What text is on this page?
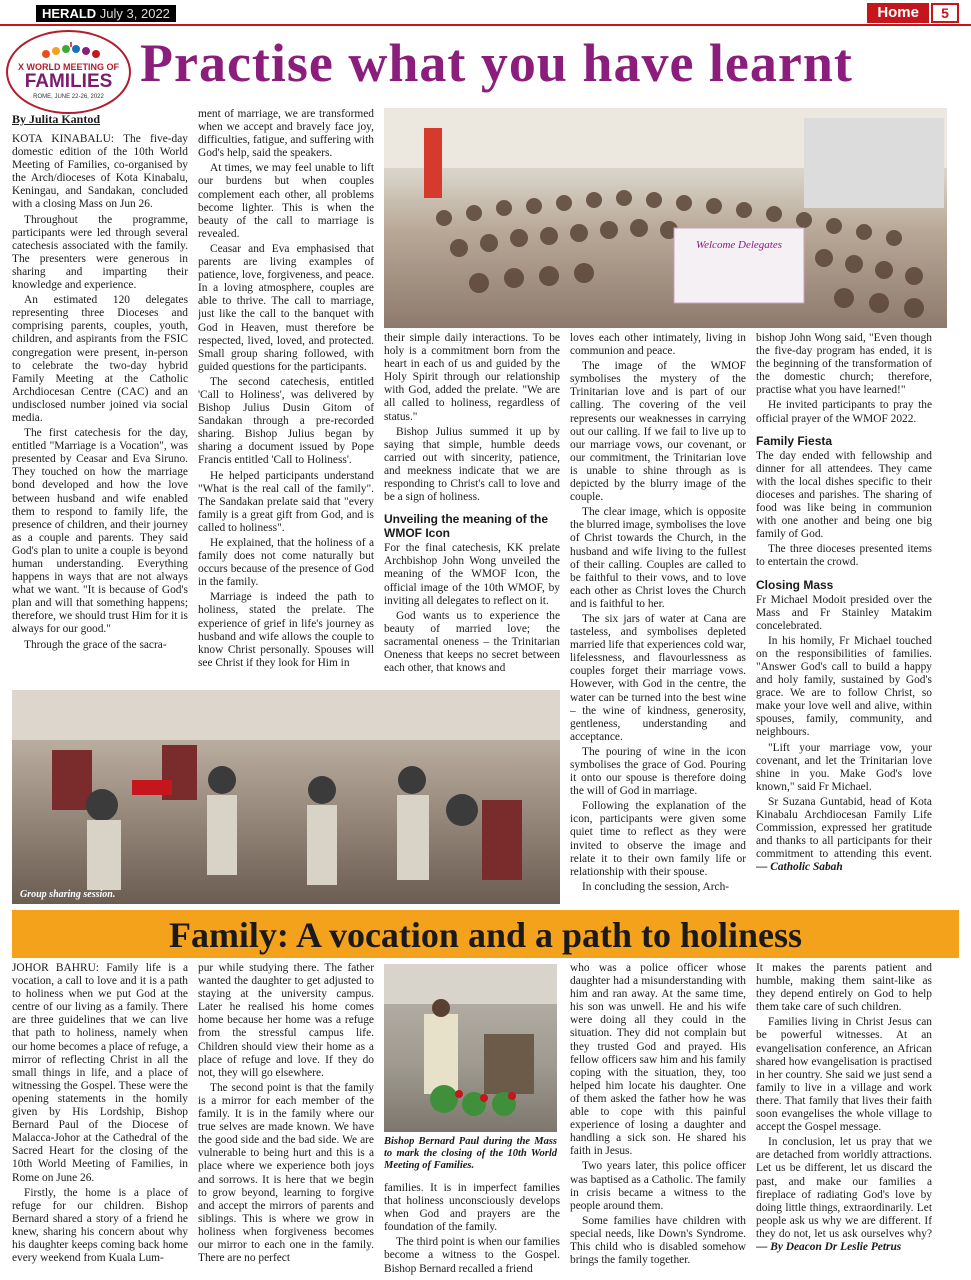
HERALD July 3, 2022	Home	5
X WORLD MEETING OF
FAMILIES
ROME, JUNE 22-26, 2022
Practise what you have learnt
By Julita Kantod

KOTA KINABALU: The five-day domestic edition of the 10th World Meeting of Families, co-organised by the Arch/dioceses of Kota Kinabalu, Keningau, and Sandakan, concluded with a closing Mass on Jun 26.

Throughout the programme, participants were led through several catechesis associated with the family. The presenters were generous in sharing and imparting their knowledge and experience.

An estimated 120 delegates representing three Dioceses and comprising parents, couples, youth, children, and aspirants from the FSIC congregation were present, in-person to celebrate the two-day hybrid Family Meeting at the Catholic Archdiocesan Centre (CAC) and an undisclosed number joined via social media.

The first catechesis for the day, entitled "Marriage is a Vocation", was presented by Ceasar and Eva Siruno. They touched on how the marriage bond developed and how the love between husband and wife enabled them to respond to family life, the presence of children, and their journey as a couple and parents. They said God's plan to unite a couple is beyond human understanding. Everything happens in ways that are not always what we want. "It is because of God's plan and will that something happens; therefore, we should trust Him for it is always for our good."

Through the grace of the sacra-

ment of marriage, we are transformed when we accept and bravely face joy, difficulties, fatigue, and suffering with God's help, said the speakers.

At times, we may feel unable to lift our burdens but when couples complement each other, all problems become lighter. This is when the beauty of the call to marriage is revealed.

Ceasar and Eva emphasised that parents are living examples of patience, love, forgiveness, and peace. In a loving atmosphere, couples are able to thrive. The call to marriage, just like the call to the banquet with God in Heaven, must therefore be respected, lived, loved, and protected. Small group sharing followed, with guided questions for the participants.

The second catechesis, entitled 'Call to Holiness', was delivered by Bishop Julius Dusin Gitom of Sandakan through a pre-recorded sharing. Bishop Julius began by sharing a document issued by Pope Francis entitled 'Call to Holiness'.

He helped participants understand "What is the real call of the family". The Sandakan prelate said that "every family is a great gift from God, and is called to holiness".

He explained, that the holiness of a family does not come naturally but occurs because of the presence of God in the family.

Marriage is indeed the path to holiness, stated the prelate. The experience of grief in life's journey as husband and wife allows the couple to know Christ personally. Spouses will see Christ if they look for Him in

Welcome Delegates

their simple daily interactions. To be holy is a commitment born from the heart in each of us and guided by the Holy Spirit through our relationship with God, added the prelate. "We are all called to holiness, regardless of status."

Bishop Julius summed it up by saying that simple, humble deeds carried out with sincerity, patience, and meekness indicate that we are responding to Christ's call to love and be a sign of holiness.

Unveiling the meaning of the WMOF Icon

For the final catechesis, KK prelate Archbishop John Wong unveiled the meaning of the WMOF Icon, the official image of the 10th WMOF, by inviting all delegates to reflect on it.

God wants us to experience the beauty of married love; the sacramental oneness – the Trinitarian Oneness that keeps no secret between each other, that knows and

loves each other intimately, living in communion and peace.

The image of the WMOF symbolises the mystery of the Trinitarian love and is part of our calling. The covering of the veil represents our weaknesses in carrying out our calling. If we fail to live up to our marriage vows, our covenant, or our commitment, the Trinitarian love is unable to shine through as is depicted by the blurry image of the couple.

The clear image, which is opposite the blurred image, symbolises the love of Christ towards the Church, in the husband and wife living to the fullest of their calling. Couples are called to be faithful to their vows, and to love each other as Christ loves the Church and is faithful to her.

The six jars of water at Cana are tasteless, and symbolises depleted married life that experiences cold war, lifelessness, and flavourlessness as couples forget their marriage vows. However, with God in the centre, the water can be turned into the best wine – the wine of kindness, generosity, gentleness, understanding and acceptance.

The pouring of wine in the icon symbolises the grace of God. Pouring it onto our spouse is therefore doing the will of God in marriage.

Following the explanation of the icon, participants were given some quiet time to reflect as they were invited to observe the image and relate it to their own family life or relationship with their spouse.

In concluding the session, Arch-

bishop John Wong said, "Even though the five-day program has ended, it is the beginning of the transformation of the domestic church; therefore, practise what you have learned!"

He invited participants to pray the official prayer of the WMOF 2022.

Family Fiesta

The day ended with fellowship and dinner for all attendees. They came with the local dishes specific to their dioceses and parishes. The sharing of food was like being in communion with one another and being one big family of God.

The three dioceses presented items to entertain the crowd.

Closing Mass

Fr Michael Modoit presided over the Mass and Fr Stainley Matakim concelebrated.

In his homily, Fr Michael touched on the responsibilities of families. "Answer God's call to build a happy and holy family, sustained by God's grace. We are to follow Christ, so make your love well and alive, within spouses, family, community, and neighbours.

"Lift your marriage vow, your covenant, and let the Trinitarian love shine in you. Make God's love known," said Fr Michael.

Sr Suzana Guntabid, head of Kota Kinabalu Archdiocesan Family Life Commission, expressed her gratitude and thanks to all participants for their commitment to attending this event. — Catholic Sabah

Group sharing session.
Family: A vocation and a path to holiness

JOHOR BAHRU: Family life is a vocation, a call to love and it is a path to holiness when we put God at the centre of our living as a family. There are three guidelines that we can live that path to holiness, namely when our home becomes a place of refuge, a mirror of reflecting Christ in all the small things in life, and a place of witnessing the Gospel. These were the opening statements in the homily given by His Lordship, Bishop Bernard Paul of the Diocese of Malacca-Johor at the Cathedral of the Sacred Heart for the closing of the 10th World Meeting of Families, in Rome on June 26.

Firstly, the home is a place of refuge for our children. Bishop Bernard shared a story of a friend he knew, sharing his concern about why his daughter keeps coming back home every weekend from Kuala Lum-

pur while studying there. The father wanted the daughter to get adjusted to staying at the university campus. Later he realised his home comes home because her home was a refuge from the stressful campus life. Children should view their home as a place of refuge and love. If they do not, they will go elsewhere.

The second point is that the family is a mirror for each member of the family. It is in the family where our true selves are made known. We have the good side and the bad side. We are vulnerable to being hurt and this is a place where we experience both joys and sorrows. It is here that we begin to grow beyond, learning to forgive and accept the mirrors of parents and siblings. This is where we grow in holiness when forgiveness becomes our mirror to each one in the family. There are no perfect

Bishop Bernard Paul during the Mass to mark the closing of the 10th World Meeting of Families.

families. It is in imperfect families that holiness unconsciously develops when God and prayers are the foundation of the family.

The third point is when our families become a witness to the Gospel. Bishop Bernard recalled a friend

who was a police officer whose daughter had a misunderstanding with him and ran away. At the same time, his son was unwell. He and his wife were doing all they could in the situation. They did not complain but they trusted God and prayed. His fellow officers saw him and his family coping with the situation, they, too helped him locate his daughter. One of them asked the father how he was able to cope with this painful experience of losing a daughter and handling a sick son. He shared his faith in Jesus.

Two years later, this police officer was baptised as a Catholic. The family in crisis became a witness to the people around them.

Some families have children with special needs, like Down's Syndrome. This child who is disabled somehow brings the family together.

It makes the parents patient and humble, making them saint-like as they depend entirely on God to help them take care of such children.

Families living in Christ Jesus can be powerful witnesses. At an evangelisation conference, an African shared how evangelisation is practised in her country. She said we just send a family to live in a village and work there. That family that lives their faith soon evangelises the whole village to accept the Gospel message.

In conclusion, let us pray that we are detached from worldly attractions. Let us be different, let us discard the past, and make our families a fireplace of radiating God's love by doing little things, extraordinarily. Let people ask us why we are different. If they do not, let us ask ourselves why? — By Deacon Dr Leslie Petrus
